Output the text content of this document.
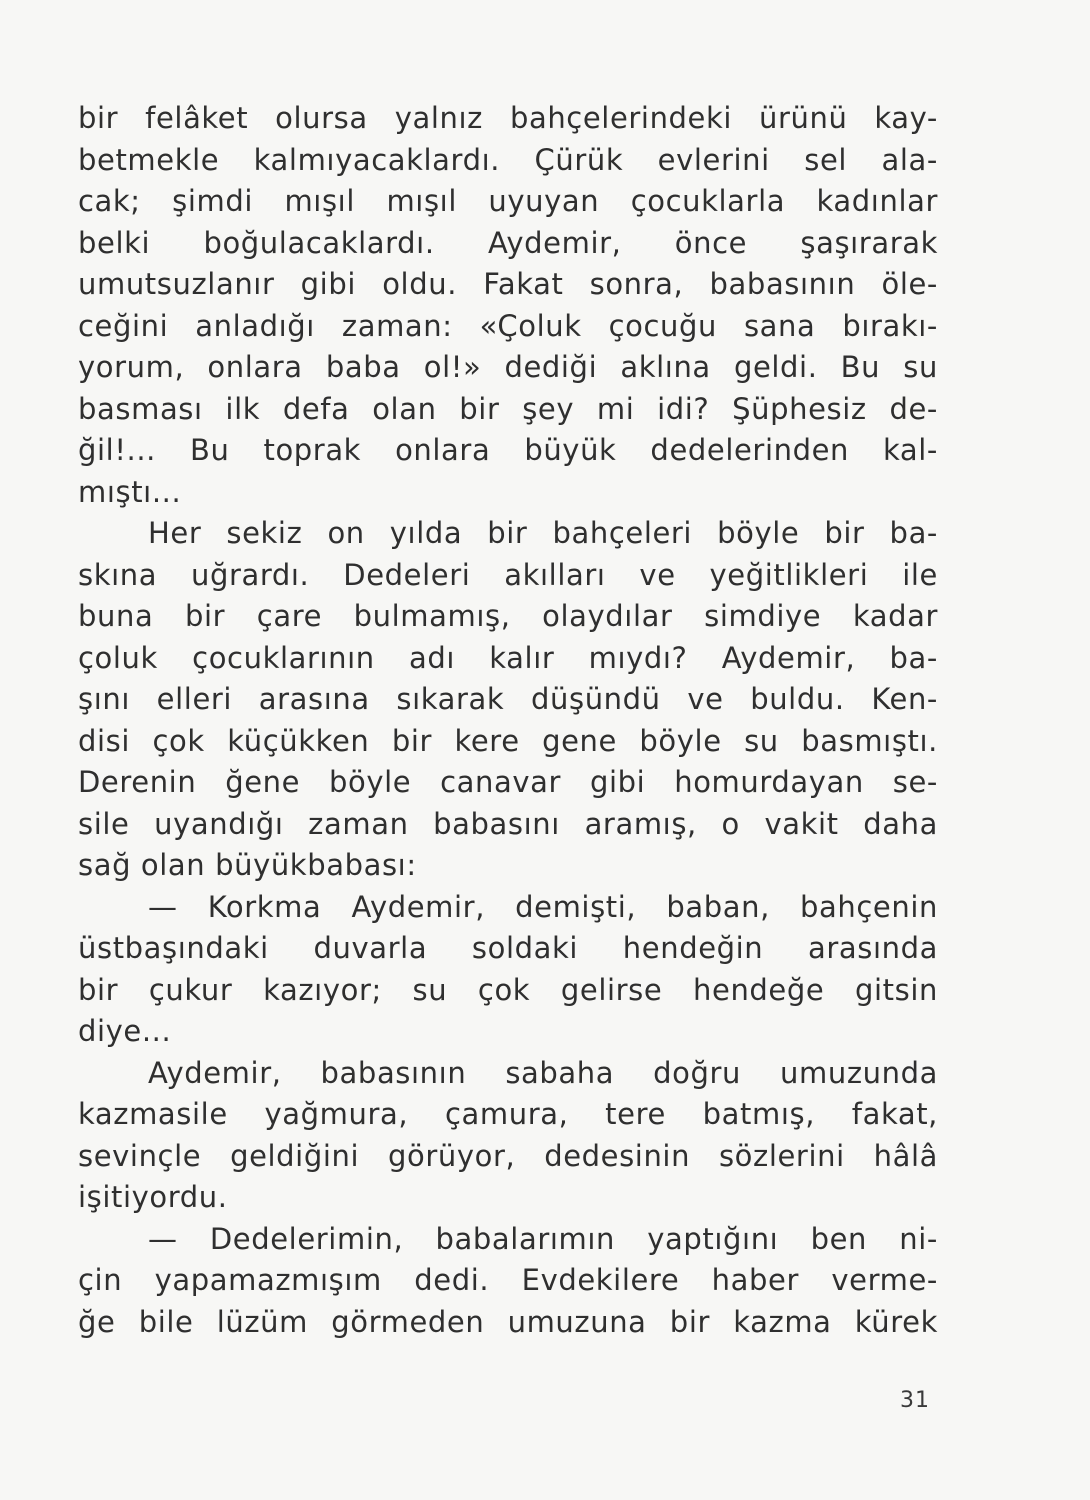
bir felâket olursa yalnız bahçelerindeki ürünü kay-
betmekle kalmıyacaklardı. Çürük evlerini sel ala-
cak; şimdi mışıl mışıl uyuyan çocuklarla kadınlar
belki boğulacaklardı. Aydemir, önce şaşırarak
umutsuzlanır gibi oldu. Fakat sonra, babasının öle-
ceğini anladığı zaman: «Çoluk çocuğu sana bırakı-
yorum, onlara baba ol!» dediği aklına geldi. Bu su
basması ilk defa olan bir şey mi idi? Şüphesiz de-
ğil!... Bu toprak onlara büyük dedelerinden kal-
mıştı...
Her sekiz on yılda bir bahçeleri böyle bir ba-
skına uğrardı. Dedeleri akılları ve yeğitlikleri ile
buna bir çare bulmamış, olaydılar simdiye kadar
çoluk çocuklarının adı kalır mıydı? Aydemir, ba-
şını elleri arasına sıkarak düşündü ve buldu. Ken-
disi çok küçükken bir kere gene böyle su basmıştı.
Derenin ğene böyle canavar gibi homurdayan se-
sile uyandığı zaman babasını aramış, o vakit daha
sağ olan büyükbabası:
— Korkma Aydemir, demişti, baban, bahçenin
üstbaşındaki duvarla soldaki hendeğin arasında
bir çukur kazıyor; su çok gelirse hendeğe gitsin
diye...
Aydemir, babasının sabaha doğru umuzunda
kazmasile yağmura, çamura, tere batmış, fakat,
sevinçle geldiğini görüyor, dedesinin sözlerini hâlâ
işitiyordu.
— Dedelerimin, babalarımın yaptığını ben ni-
çin yapamazmışım dedi. Evdekilere haber verme-
ğe bile lüzüm görmeden umuzuna bir kazma kürek
31
